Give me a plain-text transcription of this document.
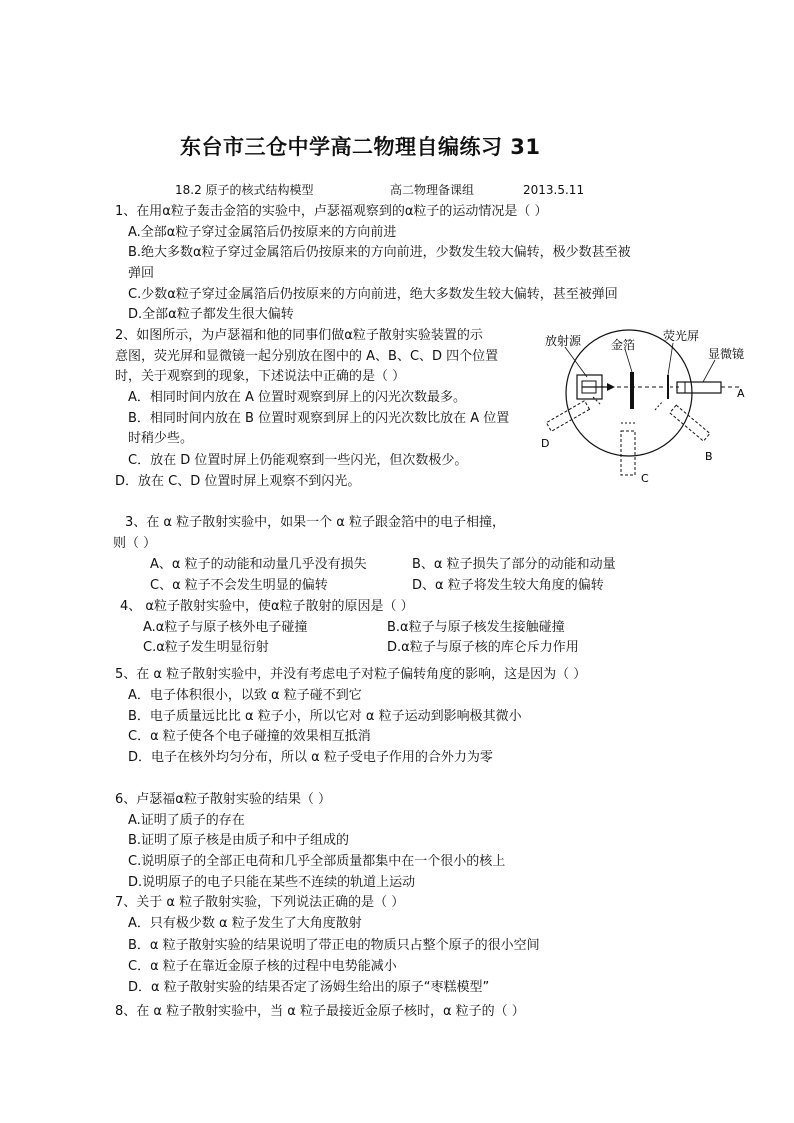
东台市三仓中学高二物理自编练习 31
18.2 原子的核式结构模型	高二物理备课组	2013.5.11
1、在用α粒子轰击金箔的实验中，卢瑟福观察到的α粒子的运动情况是（ ）
A.全部α粒子穿过金属箔后仍按原来的方向前进
B.绝大多数α粒子穿过金属箔后仍按原来的方向前进，少数发生较大偏转，极少数甚至被
弹回
C.少数α粒子穿过金属箔后仍按原来的方向前进，绝大多数发生较大偏转，甚至被弹回
D.全部α粒子都发生很大偏转
2、如图所示，为卢瑟福和他的同事们做α粒子散射实验装置的示
意图，荧光屏和显微镜一起分别放在图中的 A、B、C、D 四个位置
时，关于观察到的现象，下述说法中正确的是（ ）
A．相同时间内放在 A 位置时观察到屏上的闪光次数最多。
B．相同时间内放在 B 位置时观察到屏上的闪光次数比放在 A 位置
时稍少些。
C．放在 D 位置时屏上仍能观察到一些闪光，但次数极少。
D．放在 C、D 位置时屏上观察不到闪光。
放射源 金箔
荧光屏
显微镜
A
B
C
D
3、在 α 粒子散射实验中，如果一个 α 粒子跟金箔中的电子相撞，
则（ ）
A、α 粒子的动能和动量几乎没有损失	B、α 粒子损失了部分的动能和动量
C、α 粒子不会发生明显的偏转	D、α 粒子将发生较大角度的偏转
4、 α粒子散射实验中，使α粒子散射的原因是（ ）
A.α粒子与原子核外电子碰撞	B.α粒子与原子核发生接触碰撞
C.α粒子发生明显衍射	D.α粒子与原子核的库仑斥力作用
5、在 α 粒子散射实验中，并没有考虑电子对粒子偏转角度的影响，这是因为（ ）
A．电子体积很小，以致 α 粒子碰不到它
B．电子质量远比比 α 粒子小，所以它对 α 粒子运动到影响极其微小
C．α 粒子使各个电子碰撞的效果相互抵消
D．电子在核外均匀分布，所以 α 粒子受电子作用的合外力为零
6、卢瑟福α粒子散射实验的结果（ ）
A.证明了质子的存在
B.证明了原子核是由质子和中子组成的
C.说明原子的全部正电荷和几乎全部质量都集中在一个很小的核上
D.说明原子的电子只能在某些不连续的轨道上运动
7、关于 α 粒子散射实验，下列说法正确的是（ ）
A．只有极少数 α 粒子发生了大角度散射
B．α 粒子散射实验的结果说明了带正电的物质只占整个原子的很小空间
C．α 粒子在靠近金原子核的过程中电势能减小
D．α 粒子散射实验的结果否定了汤姆生给出的原子“枣糕模型”
8、在 α 粒子散射实验中，当 α 粒子最接近金原子核时，α 粒子的（ ）
